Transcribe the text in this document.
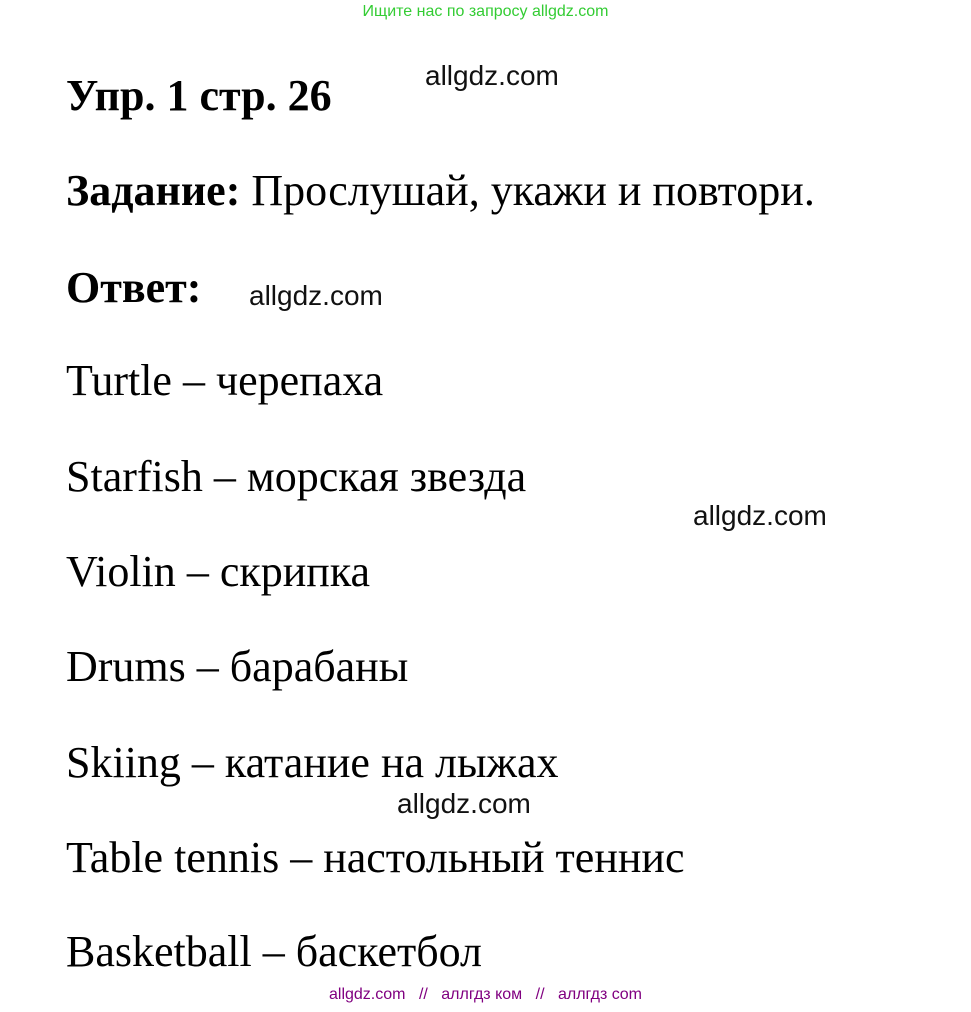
Ищите нас по запросу allgdz.com
Упр. 1 стр. 26	allgdz.com
Задание: Прослушай, укажи и повтори.
Ответ: allgdz.com
Turtle – черепаха
Starfish – морская звезда
allgdz.com
Violin – скрипка
Drums – барабаны
Skiing – катание на лыжах
allgdz.com
Table tennis – настольный теннис
Basketball – баскетбол
allgdz.com // аллгдз ком // аллгдз com
